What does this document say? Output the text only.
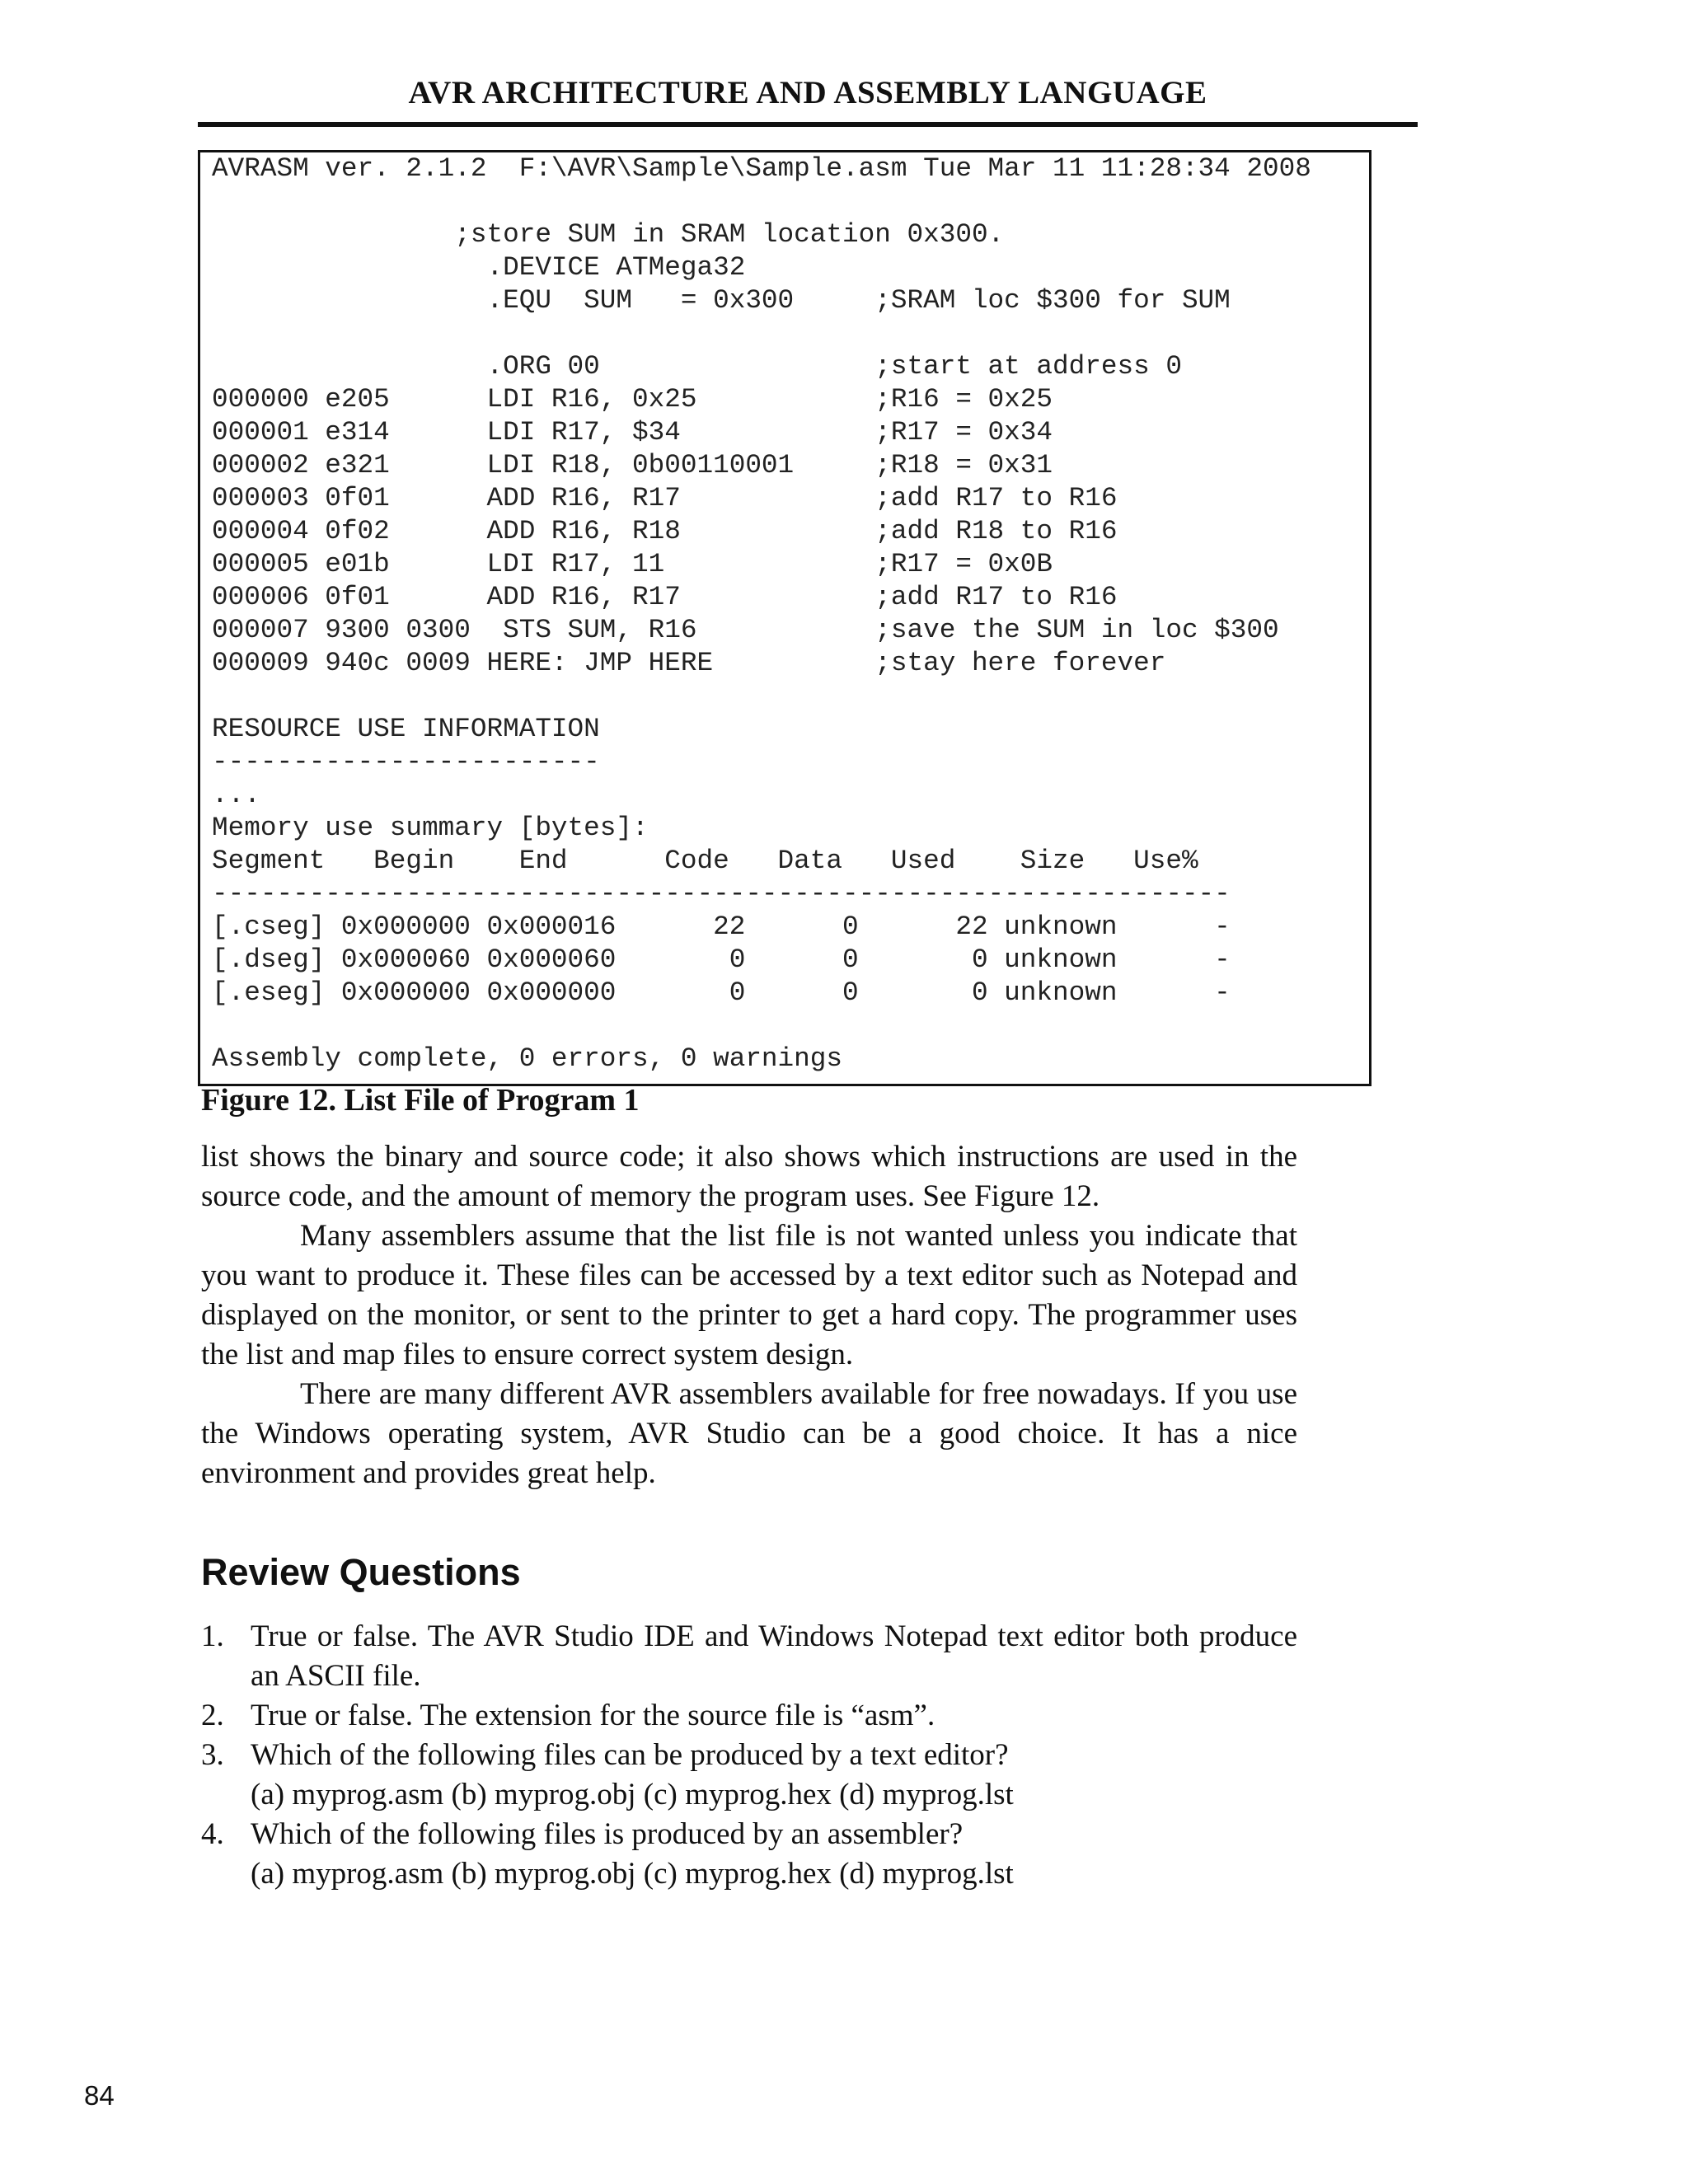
AVR ARCHITECTURE AND ASSEMBLY LANGUAGE
AVRASM ver. 2.1.2  F:\AVR\Sample\Sample.asm Tue Mar 11 11:28:34 2008

;store SUM in SRAM location 0x300.
.DEVICE ATMega32
.EQU  SUM   = 0x300     ;SRAM loc $300 for SUM

.ORG 00                 ;start at address 0
000000 e205      LDI R16, 0x25           ;R16 = 0x25
000001 e314      LDI R17, $34            ;R17 = 0x34
000002 e321      LDI R18, 0b00110001     ;R18 = 0x31
000003 0f01      ADD R16, R17            ;add R17 to R16
000004 0f02      ADD R16, R18            ;add R18 to R16
000005 e01b      LDI R17, 11             ;R17 = 0x0B
000006 0f01      ADD R16, R17            ;add R17 to R16
000007 9300 0300  STS SUM, R16           ;save the SUM in loc $300
000009 940c 0009 HERE: JMP HERE          ;stay here forever

RESOURCE USE INFORMATION
------------------------
...
Memory use summary [bytes]:
Segment   Begin    End      Code   Data   Used    Size   Use%
---------------------------------------------------------------
[.cseg] 0x000000 0x000016      22      0      22 unknown      -
[.dseg] 0x000060 0x000060       0      0       0 unknown      -
[.eseg] 0x000000 0x000000       0      0       0 unknown      -

Assembly complete, 0 errors, 0 warnings
Figure 12. List File of Program 1

list shows the binary and source code; it also shows which instructions are used in the source code, and the amount of memory the program uses. See Figure 12.

Many assemblers assume that the list file is not wanted unless you indicate that you want to produce it. These files can be accessed by a text editor such as Notepad and displayed on the monitor, or sent to the printer to get a hard copy. The programmer uses the list and map files to ensure correct system design.

There are many different AVR assemblers available for free nowadays. If you use the Windows operating system, AVR Studio can be a good choice. It has a nice environment and provides great help.

Review Questions
1. True or false. The AVR Studio IDE and Windows Notepad text editor both produce an ASCII file.
2. True or false. The extension for the source file is “asm”.
3. Which of the following files can be produced by a text editor?
(a) myprog.asm (b) myprog.obj (c) myprog.hex (d) myprog.lst
4. Which of the following files is produced by an assembler?
(a) myprog.asm (b) myprog.obj (c) myprog.hex (d) myprog.lst
84
